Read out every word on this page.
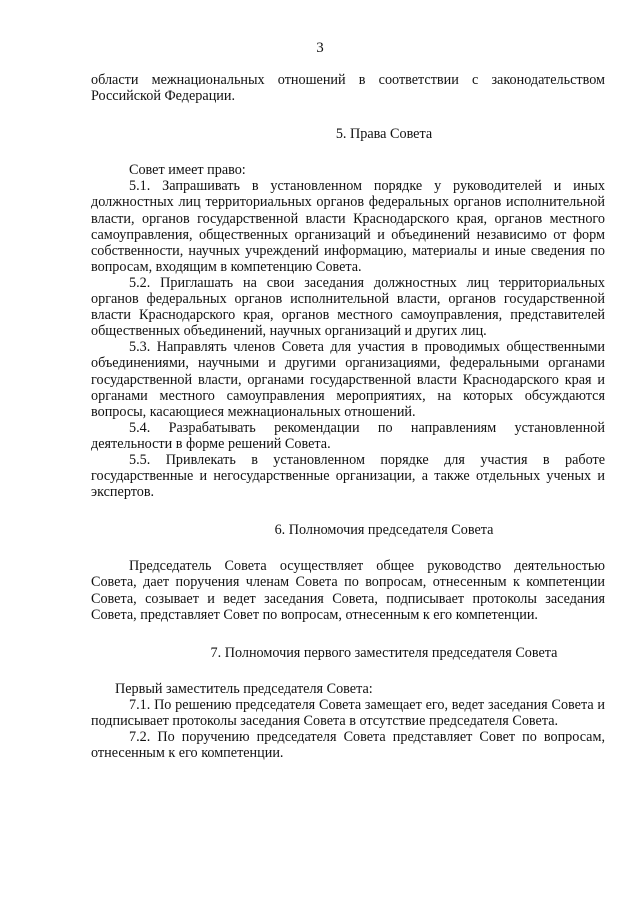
3

области межнациональных отношений в соответствии с законодательством Российской Федерации.

5. Права Совета

Совет имеет право:

5.1. Запрашивать в установленном порядке у руководителей и иных должностных лиц территориальных органов федеральных органов исполнительной власти, органов государственной власти Краснодарского края, органов местного самоуправления, общественных организаций и объединений независимо от форм собственности, научных учреждений информацию, материалы и иные сведения по вопросам, входящим в компетенцию Совета.

5.2. Приглашать на свои заседания должностных лиц территориальных органов федеральных органов исполнительной власти, органов государственной власти Краснодарского края, органов местного самоуправления, представителей общественных объединений, научных организаций и других лиц.

5.3. Направлять членов Совета для участия в проводимых общественными объединениями, научными и другими организациями, федеральными органами государственной власти, органами государственной власти Краснодарского края и органами местного самоуправления мероприятиях, на которых обсуждаются вопросы, касающиеся межнациональных отношений.

5.4. Разрабатывать рекомендации по направлениям установленной деятельности в форме решений Совета.

5.5. Привлекать в установленном порядке для участия в работе государственные и негосударственные организации, а также отдельных ученых и экспертов.

6. Полномочия председателя Совета

Председатель Совета осуществляет общее руководство деятельностью Совета, дает поручения членам Совета по вопросам, отнесенным к компетенции Совета, созывает и ведет заседания Совета, подписывает протоколы заседания Совета, представляет Совет по вопросам, отнесенным к его компетенции.

7. Полномочия первого заместителя председателя Совета

Первый заместитель председателя Совета:

7.1. По решению председателя Совета замещает его, ведет заседания Совета и подписывает протоколы заседания Совета в отсутствие председателя Совета.

7.2. По поручению председателя Совета представляет Совет по вопросам, отнесенным к его компетенции.
